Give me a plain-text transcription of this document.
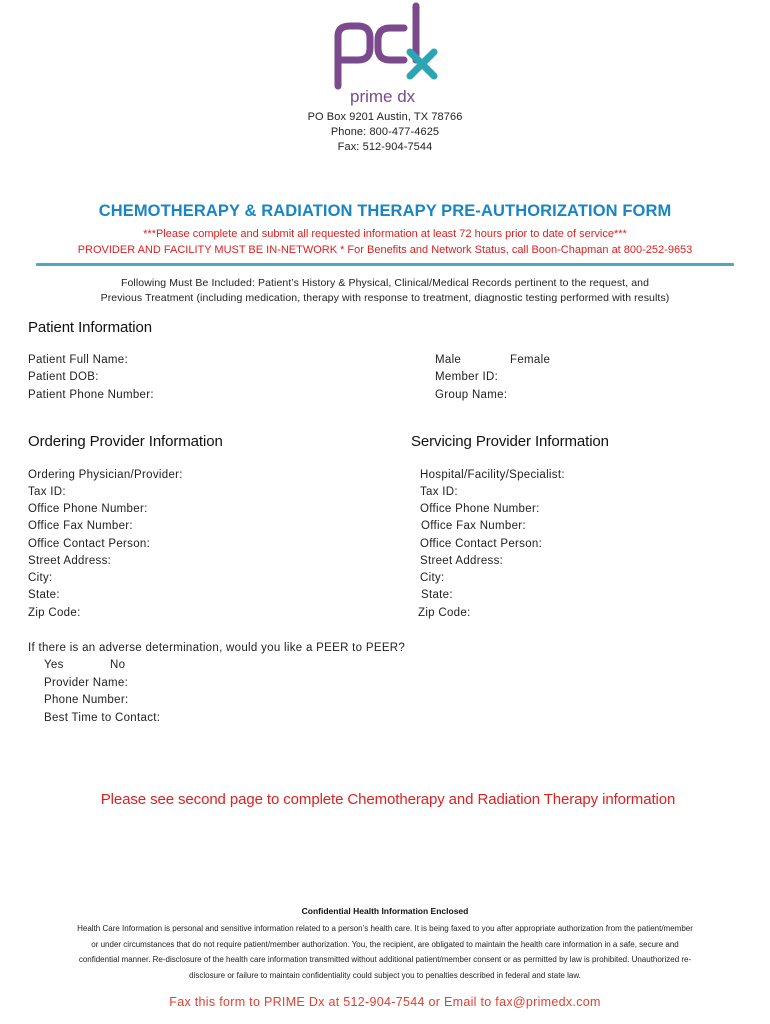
prime dx
PO Box 9201 Austin, TX 78766
Phone: 800-477-4625
Fax: 512-904-7544
CHEMOTHERAPY & RADIATION THERAPY PRE-AUTHORIZATION FORM
***Please complete and submit all requested information at least 72 hours prior to date of service***
PROVIDER AND FACILITY MUST BE IN-NETWORK * For Benefits and Network Status, call Boon-Chapman at 800-252-9653
Following Must Be Included: Patient’s History & Physical, Clinical/Medical Records pertinent to the request, and
Previous Treatment (including medication, therapy with response to treatment, diagnostic testing performed with results)
Patient Information
Patient Full Name:
Patient DOB:
Patient Phone Number:
Male	Female
Member ID:
Group Name:
Ordering Provider Information
Ordering Physician/Provider:
Tax ID:
Office Phone Number:
Office Fax Number:
Office Contact Person:
Street Address:
City:
State:
Zip Code:
Servicing Provider Information
Hospital/Facility/Specialist:
Tax ID:
Office Phone Number:
Office Fax Number:
Office Contact Person:
Street Address:
City:
State:
Zip Code:
If there is an adverse determination, would you like a PEER to PEER?
Yes	No
Provider Name:
Phone Number:
Best Time to Contact:
Please see second page to complete Chemotherapy and Radiation Therapy information
Confidential Health Information Enclosed
Health Care Information is personal and sensitive information related to a person’s health care. It is being faxed to you after appropriate authorization from the patient/member
or under circumstances that do not require patient/member authorization. You, the recipient, are obligated to maintain the health care information in a safe, secure and
confidential manner. Re-disclosure of the health care information transmitted without additional patient/member consent or as permitted by law is prohibited. Unauthorized re-
disclosure or failure to maintain confidentiality could subject you to penalties described in federal and state law.
Fax this form to PRIME Dx at 512-904-7544 or Email to fax@primedx.com
